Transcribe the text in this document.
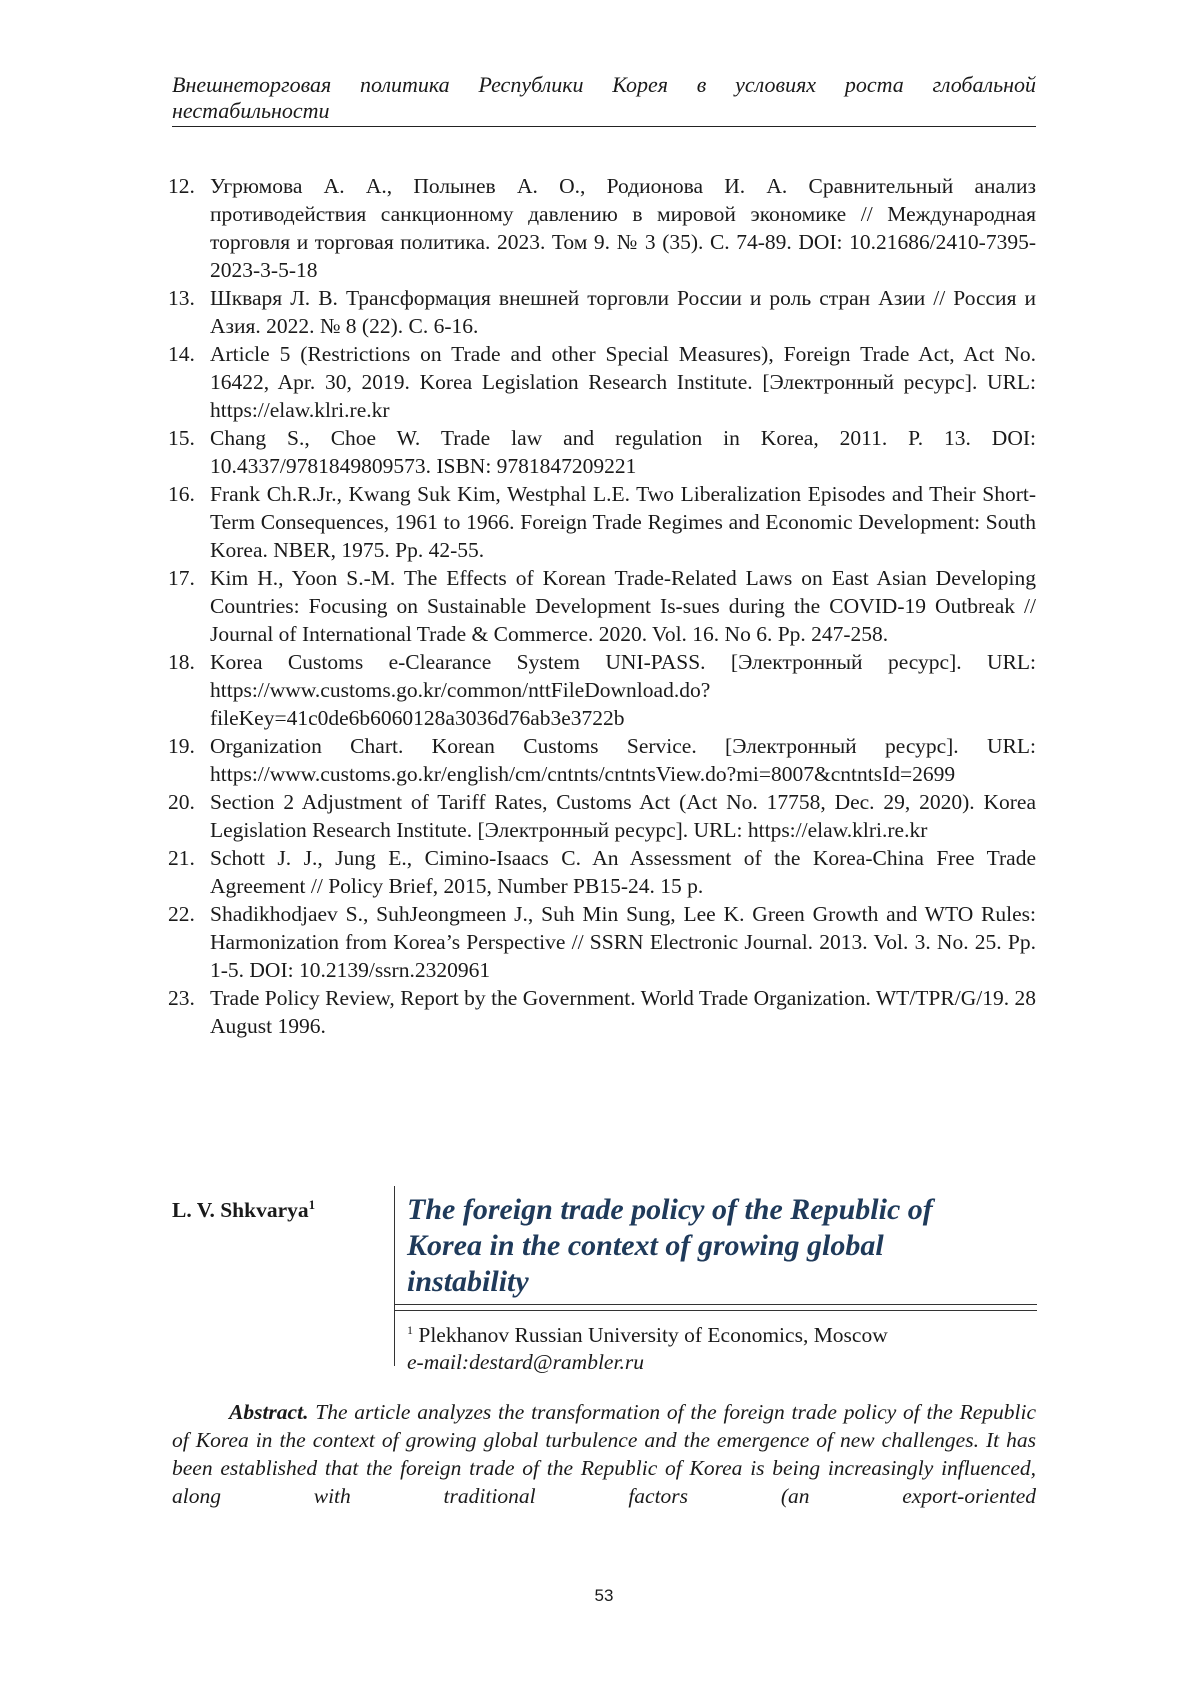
Внешнеторговая политика Республики Корея в условиях роста глобальной
нестабильности
12. Угрюмова А. А., Полынев А. О., Родионова И. А. Сравнительный анализ противодействия санкционному давлению в мировой экономике // Международная торговля и торговая политика. 2023. Том 9. № 3 (35). С. 74-89. DOI: 10.21686/2410-7395-2023-3-5-18
13. Шкваря Л. В. Трансформация внешней торговли России и роль стран Азии // Россия и Азия. 2022. № 8 (22). С. 6-16.
14. Article 5 (Restrictions on Trade and other Special Measures), Foreign Trade Act, Act No. 16422, Apr. 30, 2019. Korea Legislation Research Institute. [Электронный ресурс]. URL: https://elaw.klri.re.kr
15. Chang S., Choe W. Trade law and regulation in Korea, 2011. P. 13. DOI: 10.4337/9781849809573. ISBN: 9781847209221
16. Frank Ch.R.Jr., Kwang Suk Kim, Westphal L.E. Two Liberalization Episodes and Their Short-Term Consequences, 1961 to 1966. Foreign Trade Regimes and Economic Development: South Korea. NBER, 1975. Pp. 42-55.
17. Kim H., Yoon S.-M. The Effects of Korean Trade-Related Laws on East Asian Developing Countries: Focusing on Sustainable Development Is-sues during the COVID-19 Outbreak // Journal of International Trade & Commerce. 2020. Vol. 16. No 6. Pp. 247-258.
18. Korea Customs e-Clearance System UNI-PASS. [Электронный ресурс]. URL: https://www.customs.go.kr/common/nttFileDownload.do?fileKey=41c0de6b6060128a3036d76ab3e3722b
19. Organization Chart. Korean Customs Service. [Электронный ресурс]. URL: https://www.customs.go.kr/english/cm/cntnts/cntntsView.do?mi=8007&cntntsId=2699
20. Section 2 Adjustment of Tariff Rates, Customs Act (Act No. 17758, Dec. 29, 2020). Korea Legislation Research Institute. [Электронный ресурс]. URL: https://elaw.klri.re.kr
21. Schott J. J., Jung E., Cimino-Isaacs C. An Assessment of the Korea-China Free Trade Agreement // Policy Brief, 2015, Number PB15-24. 15 p.
22. Shadikhodjaev S., SuhJeongmeen J., Suh Min Sung, Lee K. Green Growth and WTO Rules: Harmonization from Korea’s Perspective // SSRN Electronic Journal. 2013. Vol. 3. No. 25. Pp. 1-5. DOI: 10.2139/ssrn.2320961
23. Trade Policy Review, Report by the Government. World Trade Organization. WT/TPR/G/19. 28 August 1996.
L. V. Shkvarya$^1$	The foreign trade policy of the Republic of Korea in the context of growing global instability
$^1$ Plekhanov Russian University of Economics, Moscow
e-mail:destard@rambler.ru

Abstract. The article analyzes the transformation of the foreign trade policy of the Republic of Korea in the context of growing global turbulence and the emergence of new challenges. It has been established that the foreign trade of the Republic of Korea is being increasingly influenced, along with traditional factors (an export-oriented

53
